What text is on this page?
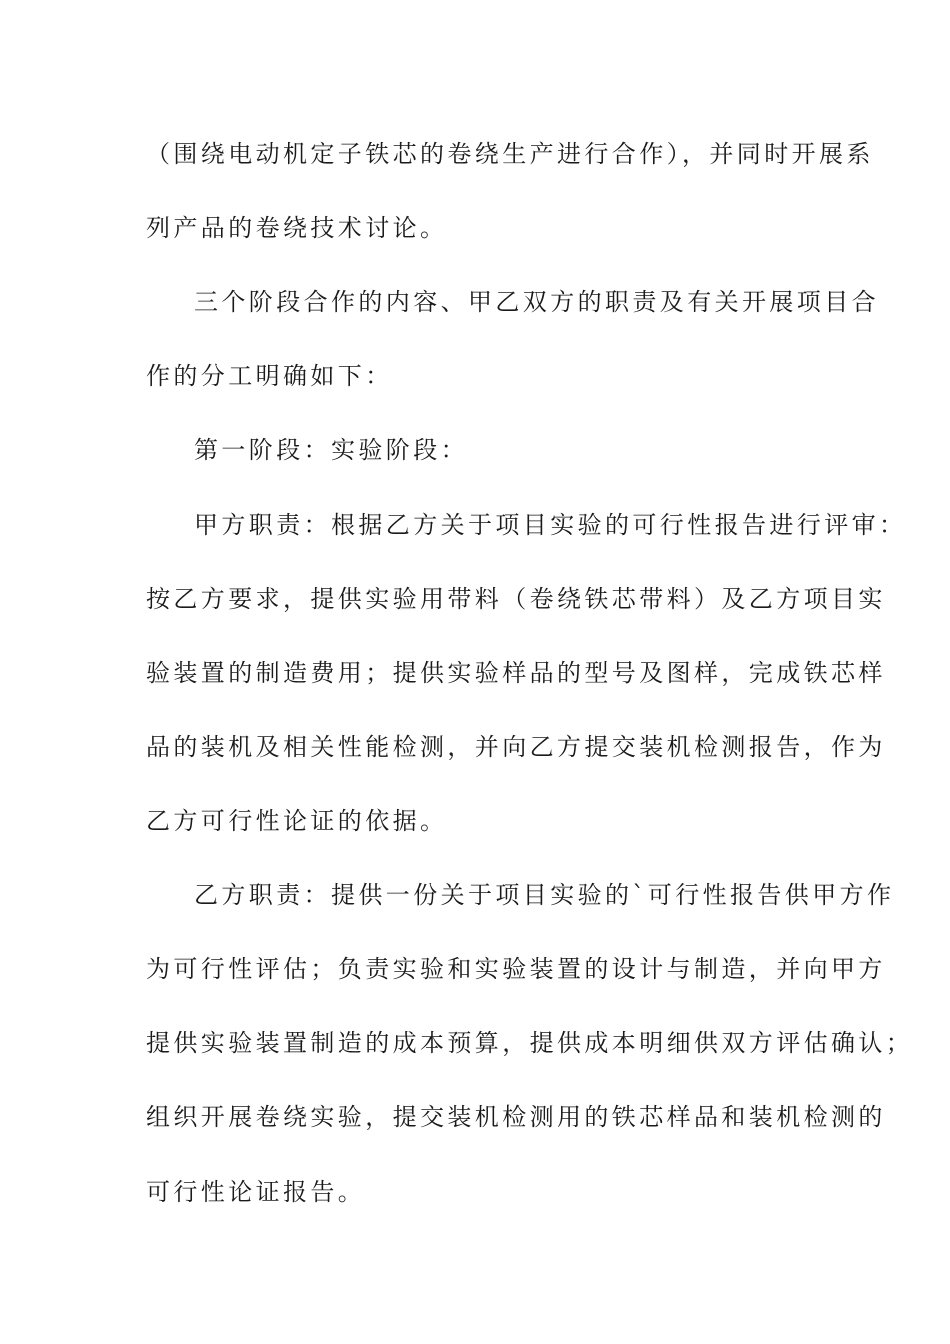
（围绕电动机定子铁芯的卷绕生产进行合作），并同时开展系
列产品的卷绕技术讨论。
三个阶段合作的内容、甲乙双方的职责及有关开展项目合
作的分工明确如下：
第一阶段：实验阶段：
甲方职责：根据乙方关于项目实验的可行性报告进行评审：
按乙方要求，提供实验用带料（卷绕铁芯带料）及乙方项目实
验装置的制造费用；提供实验样品的型号及图样，完成铁芯样
品的装机及相关性能检测，并向乙方提交装机检测报告，作为
乙方可行性论证的依据。
乙方职责：提供一份关于项目实验的`可行性报告供甲方作
为可行性评估；负责实验和实验装置的设计与制造，并向甲方
提供实验装置制造的成本预算，提供成本明细供双方评估确认；
组织开展卷绕实验，提交装机检测用的铁芯样品和装机检测的
可行性论证报告。
